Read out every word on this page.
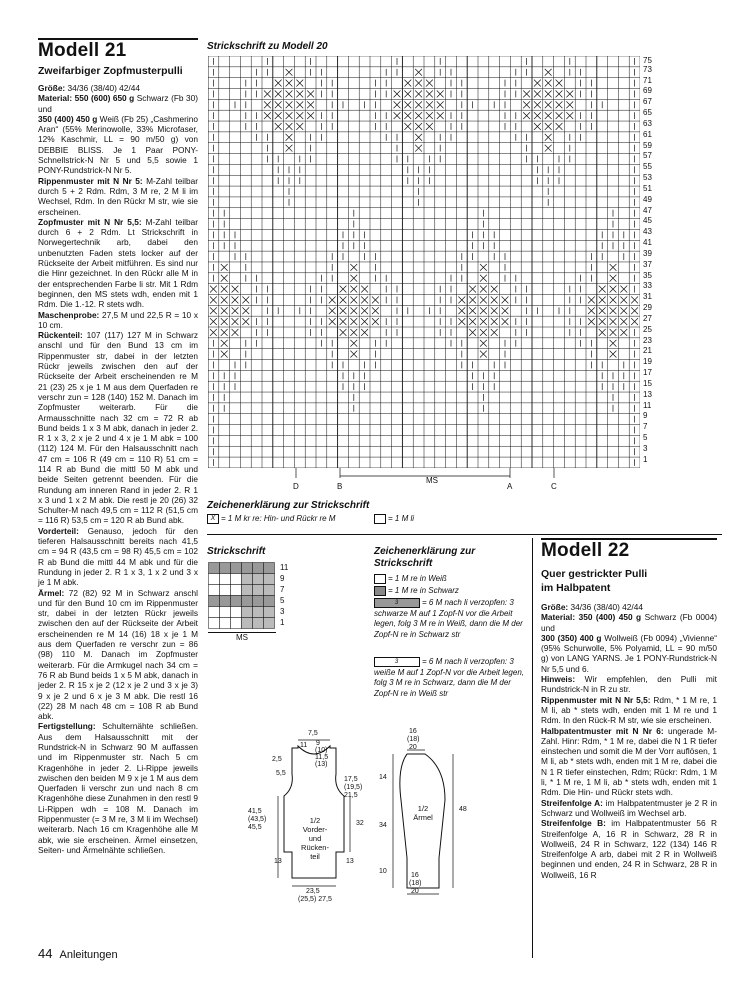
Modell 21
Zweifarbiger Zopfmusterpulli

Größe: 34/36 (38/40) 42/44

Material: 550 (600) 650 g Schwarz (Fb 30) und

350 (400) 450 g Weiß (Fb 25) „Cashmerino Aran“ (55% Merinowolle, 33% Microfaser, 12% Kaschmir, LL = 90 m/50 g) von DEBBIE BLISS. Je 1 Paar PONY-Schnellstrick-N Nr 5 und 5,5 sowie 1 PONY-Rundstrick-N Nr 5.

Rippenmuster mit N Nr 5: M-Zahl teilbar durch 5 + 2 Rdm. Rdm, 3 M re, 2 M li im Wechsel, Rdm. In den Rückr M str, wie sie erscheinen.

Zopfmuster mit N Nr 5,5: M-Zahl teilbar durch 6 + 2 Rdm. Lt Strickschrift in Norwegertechnik arb, dabei den unbenutzten Faden stets locker auf der Rückseite der Arbeit mitführen. Es sind nur die Hinr gezeichnet. In den Rückr alle M in der entsprechenden Farbe li str. Mit 1 Rdm beginnen, den MS stets wdh, enden mit 1 Rdm. Die 1.-12. R stets wdh.

Maschenprobe: 27,5 M und 22,5 R = 10 x 10 cm.

Rückenteil: 107 (117) 127 M in Schwarz anschl und für den Bund 13 cm im Rippenmuster str, dabei in der letzten Rückr jeweils zwischen den auf der Rückseite der Arbeit erscheinenden re M 21 (23) 25 x je 1 M aus dem Querfaden re verschr zun = 128 (140) 152 M. Danach im Zopfmuster weiterarb. Für die Armausschnitte nach 32 cm = 72 R ab Bund beids 1 x 3 M abk, danach in jeder 2. R 1 x 3, 2 x je 2 und 4 x je 1 M abk = 100 (112) 124 M. Für den Halsausschnitt nach 47 cm = 106 R (49 cm = 110 R) 51 cm = 114 R ab Bund die mittl 50 M abk und beide Seiten getrennt beenden. Für die Rundung am inneren Rand in jeder 2. R 1 x 3 und 1 x 2 M abk. Die restl je 20 (26) 32 Schulter-M nach 49,5 cm = 112 R (51,5 cm = 116 R) 53,5 cm = 120 R ab Bund abk.

Vorderteil: Genauso, jedoch für den tieferen Halsausschnitt bereits nach 41,5 cm = 94 R (43,5 cm = 98 R) 45,5 cm = 102 R ab Bund die mittl 44 M abk und für die Rundung in jeder 2. R 1 x 3, 1 x 2 und 3 x je 1 M abk.

Ärmel: 72 (82) 92 M in Schwarz anschl und für den Bund 10 cm im Rippenmuster str, dabei in der letzten Rückr jeweils zwischen den auf der Rückseite der Arbeit erscheinenden re M 14 (16) 18 x je 1 M aus dem Querfaden re verschr zun = 86 (98) 110 M. Danach im Zopfmuster weiterarb. Für die Armkugel nach 34 cm = 76 R ab Bund beids 1 x 5 M abk, danach in jeder 2. R 15 x je 2 (12 x je 2 und 3 x je 3) 9 x je 2 und 6 x je 3 M abk. Die restl 16 (22) 28 M nach 48 cm = 108 R ab Bund abk.

Fertigstellung: Schulternähte schließen. Aus dem Halsausschnitt mit der Rundstrick-N in Schwarz 90 M auffassen und im Rippenmuster str. Nach 5 cm Kragenhöhe in jeder 2. Li-Rippe jeweils zwischen den beiden M 9 x je 1 M aus dem Querfaden li verschr zun und nach 8 cm Kragenhöhe diese Zunahmen in den restl 9 Li-Rippen wdh = 108 M. Danach im Rippenmuster (= 3 M re, 3 M li im Wechsel) weiterarb. Nach 16 cm Kragenhöhe alle M abk, wie sie erscheinen. Ärmel einsetzen, Seiten- und Ärmelnähte schließen.

Strickschrift zu Modell 20
75
73
71
69
67
65
63
61
59
57
55
53
51
49
47
45
43
41
39
37
35
33
31
29
27
25
23
21
19
17
15
13
11
9
7
5
3
1
D	B
MS
A	C
Zeichenerklärung zur Strickschrift
X = 1 M kr re: Hin- und Rückr re M	= 1 M li
Strickschrift
11
9
7
5
3
1
MS
Zeichenerklärung zur Strickschrift
= 1 M re in Weiß
= 1 M re in Schwarz
3	= 6 M nach li verzopfen: 3 schwarze M auf 1 Zopf-N vor die Arbeit legen, folg 3 M re in Weiß, dann die M der Zopf-N re in Schwarz str
3	= 6 M nach li verzopfen: 3 weiße M auf 1 Zopf-N vor die Arbeit legen, folg 3 M re in Schwarz, dann die M der Zopf-N re in Weiß str
7,5
11 9
(10)
11,5
(13)
2,5
5,5
17,5
(19,5)
21,5
41,5
(43,5)
45,5
32
1/2 Vorder- und Rücken- teil
13	13
23,5
(25,5) 27,5
16
(18)
20
14
34
10
48
1/2 Ärmel
16
(18)
20
Modell 22
Quer gestrickter Pulli
im Halbpatent

Größe: 34/36 (38/40) 42/44

Material: 350 (400) 450 g Schwarz (Fb 0004) und

300 (350) 400 g Wollweiß (Fb 0094) „Vivienne“ (95% Schurwolle, 5% Polyamid, LL = 90 m/50 g) von LANG YARNS. Je 1 PONY-Rundstrick-N Nr 5,5 und 6.

Hinweis: Wir empfehlen, den Pulli mit Rundstrick-N in R zu str.

Rippenmuster mit N Nr 5,5: Rdm, * 1 M re, 1 M li, ab * stets wdh, enden mit 1 M re und 1 Rdm. In den Rück-R M str, wie sie erscheinen.

Halbpatentmuster mit N Nr 6: ungerade M-Zahl. Hinr: Rdm, * 1 M re, dabei die N 1 R tiefer einstechen und somit die M der Vorr auflösen, 1 M li, ab * stets wdh, enden mit 1 M re, dabei die N 1 R tiefer einstechen, Rdm; Rückr: Rdm, 1 M li, * 1 M re, 1 M li, ab * stets wdh, enden mit 1 Rdm. Die Hin- und Rückr stets wdh.

Streifenfolge A: im Halbpatentmuster je 2 R in Schwarz und Wollweiß im Wechsel arb.

Streifenfolge B: im Halbpatentmuster 56 R Streifenfolge A, 16 R in Schwarz, 28 R in Wollweiß, 24 R in Schwarz, 122 (134) 146 R Streifenfolge A arb, dabei mit 2 R in Wollweiß beginnen und enden, 24 R in Schwarz, 28 R in Wollweiß, 16 R

44 Anleitungen
